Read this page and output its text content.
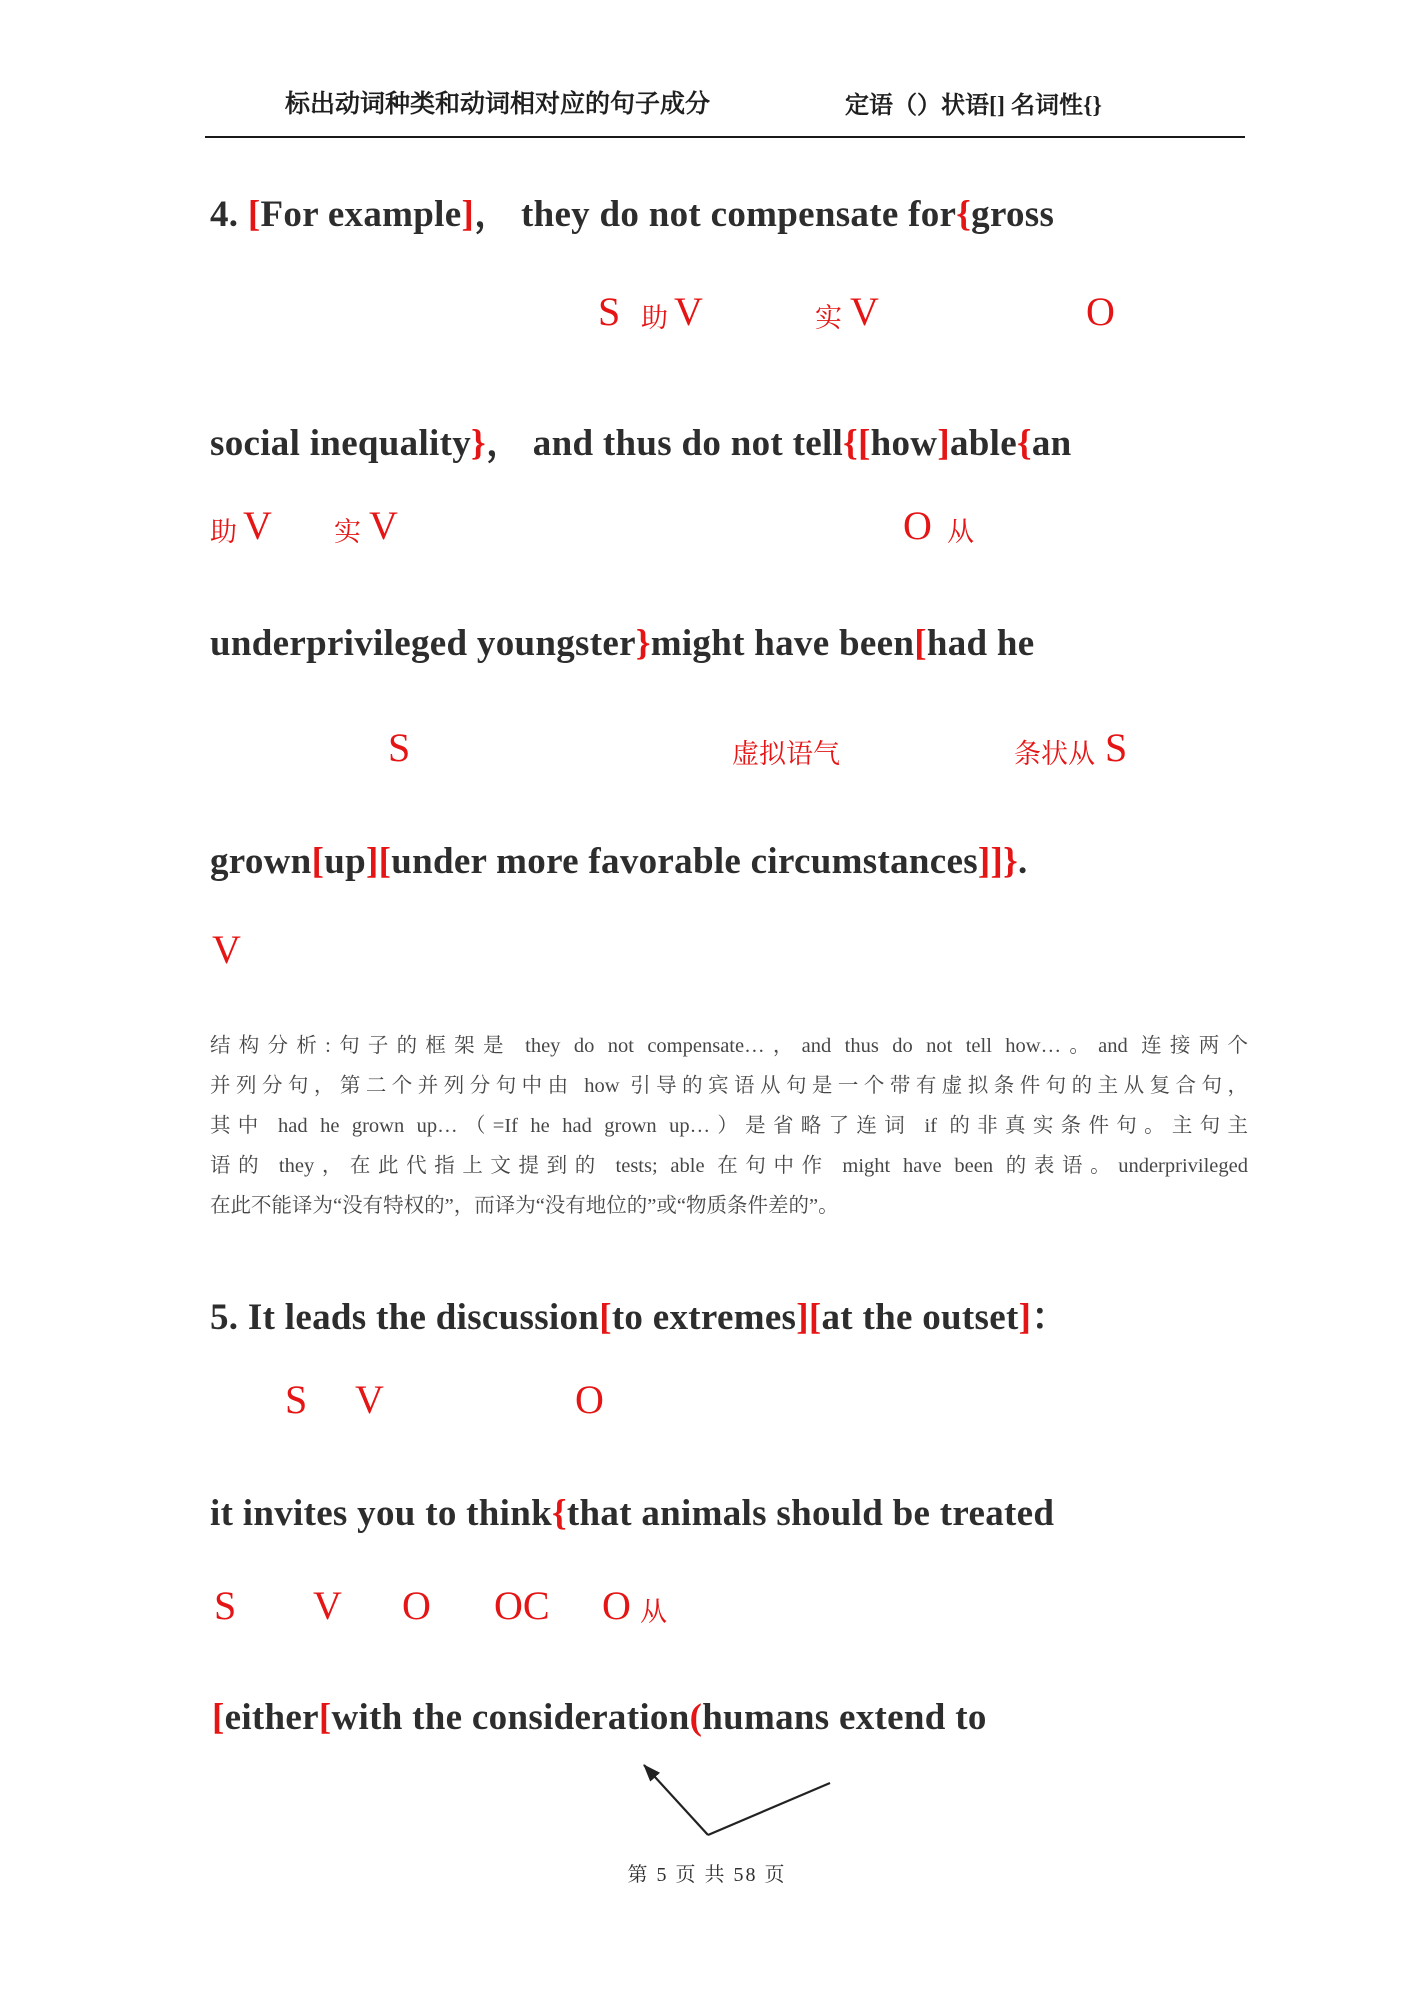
标出动词种类和动词相对应的句子成分	定语（）状语[] 名词性{}
4. [For example]， they do not compensate for{gross
social inequality}， and thus do not tell{[how]able{an
underprivileged youngster}might have been[had he
grown[up][under more favorable circumstances]]}.
S 助 V	实 V	O
助 V 实 V	O 从
S	虚拟语气	条状从 S
V
结构分析:句子的框架是 they do not compensate…，and thus do not tell how…。and 连接两个
并列分句，第二个并列分句中由 how 引导的宾语从句是一个带有虚拟条件句的主从复合句，
其中 had he grown up…（=If he had grown up…）是省略了连词 if 的非真实条件句。主句主
语的 they，在此代指上文提到的 tests; able 在句中作 might have been 的表语。underprivileged
在此不能译为“没有特权的”，而译为“没有地位的”或“物质条件差的”。
5. It leads the discussion[to extremes][at the outset]：
it invites you to think{that animals should be treated
[either[with the consideration(humans extend to
S V	O
S V O OC O 从
第 5 页 共 58 页
